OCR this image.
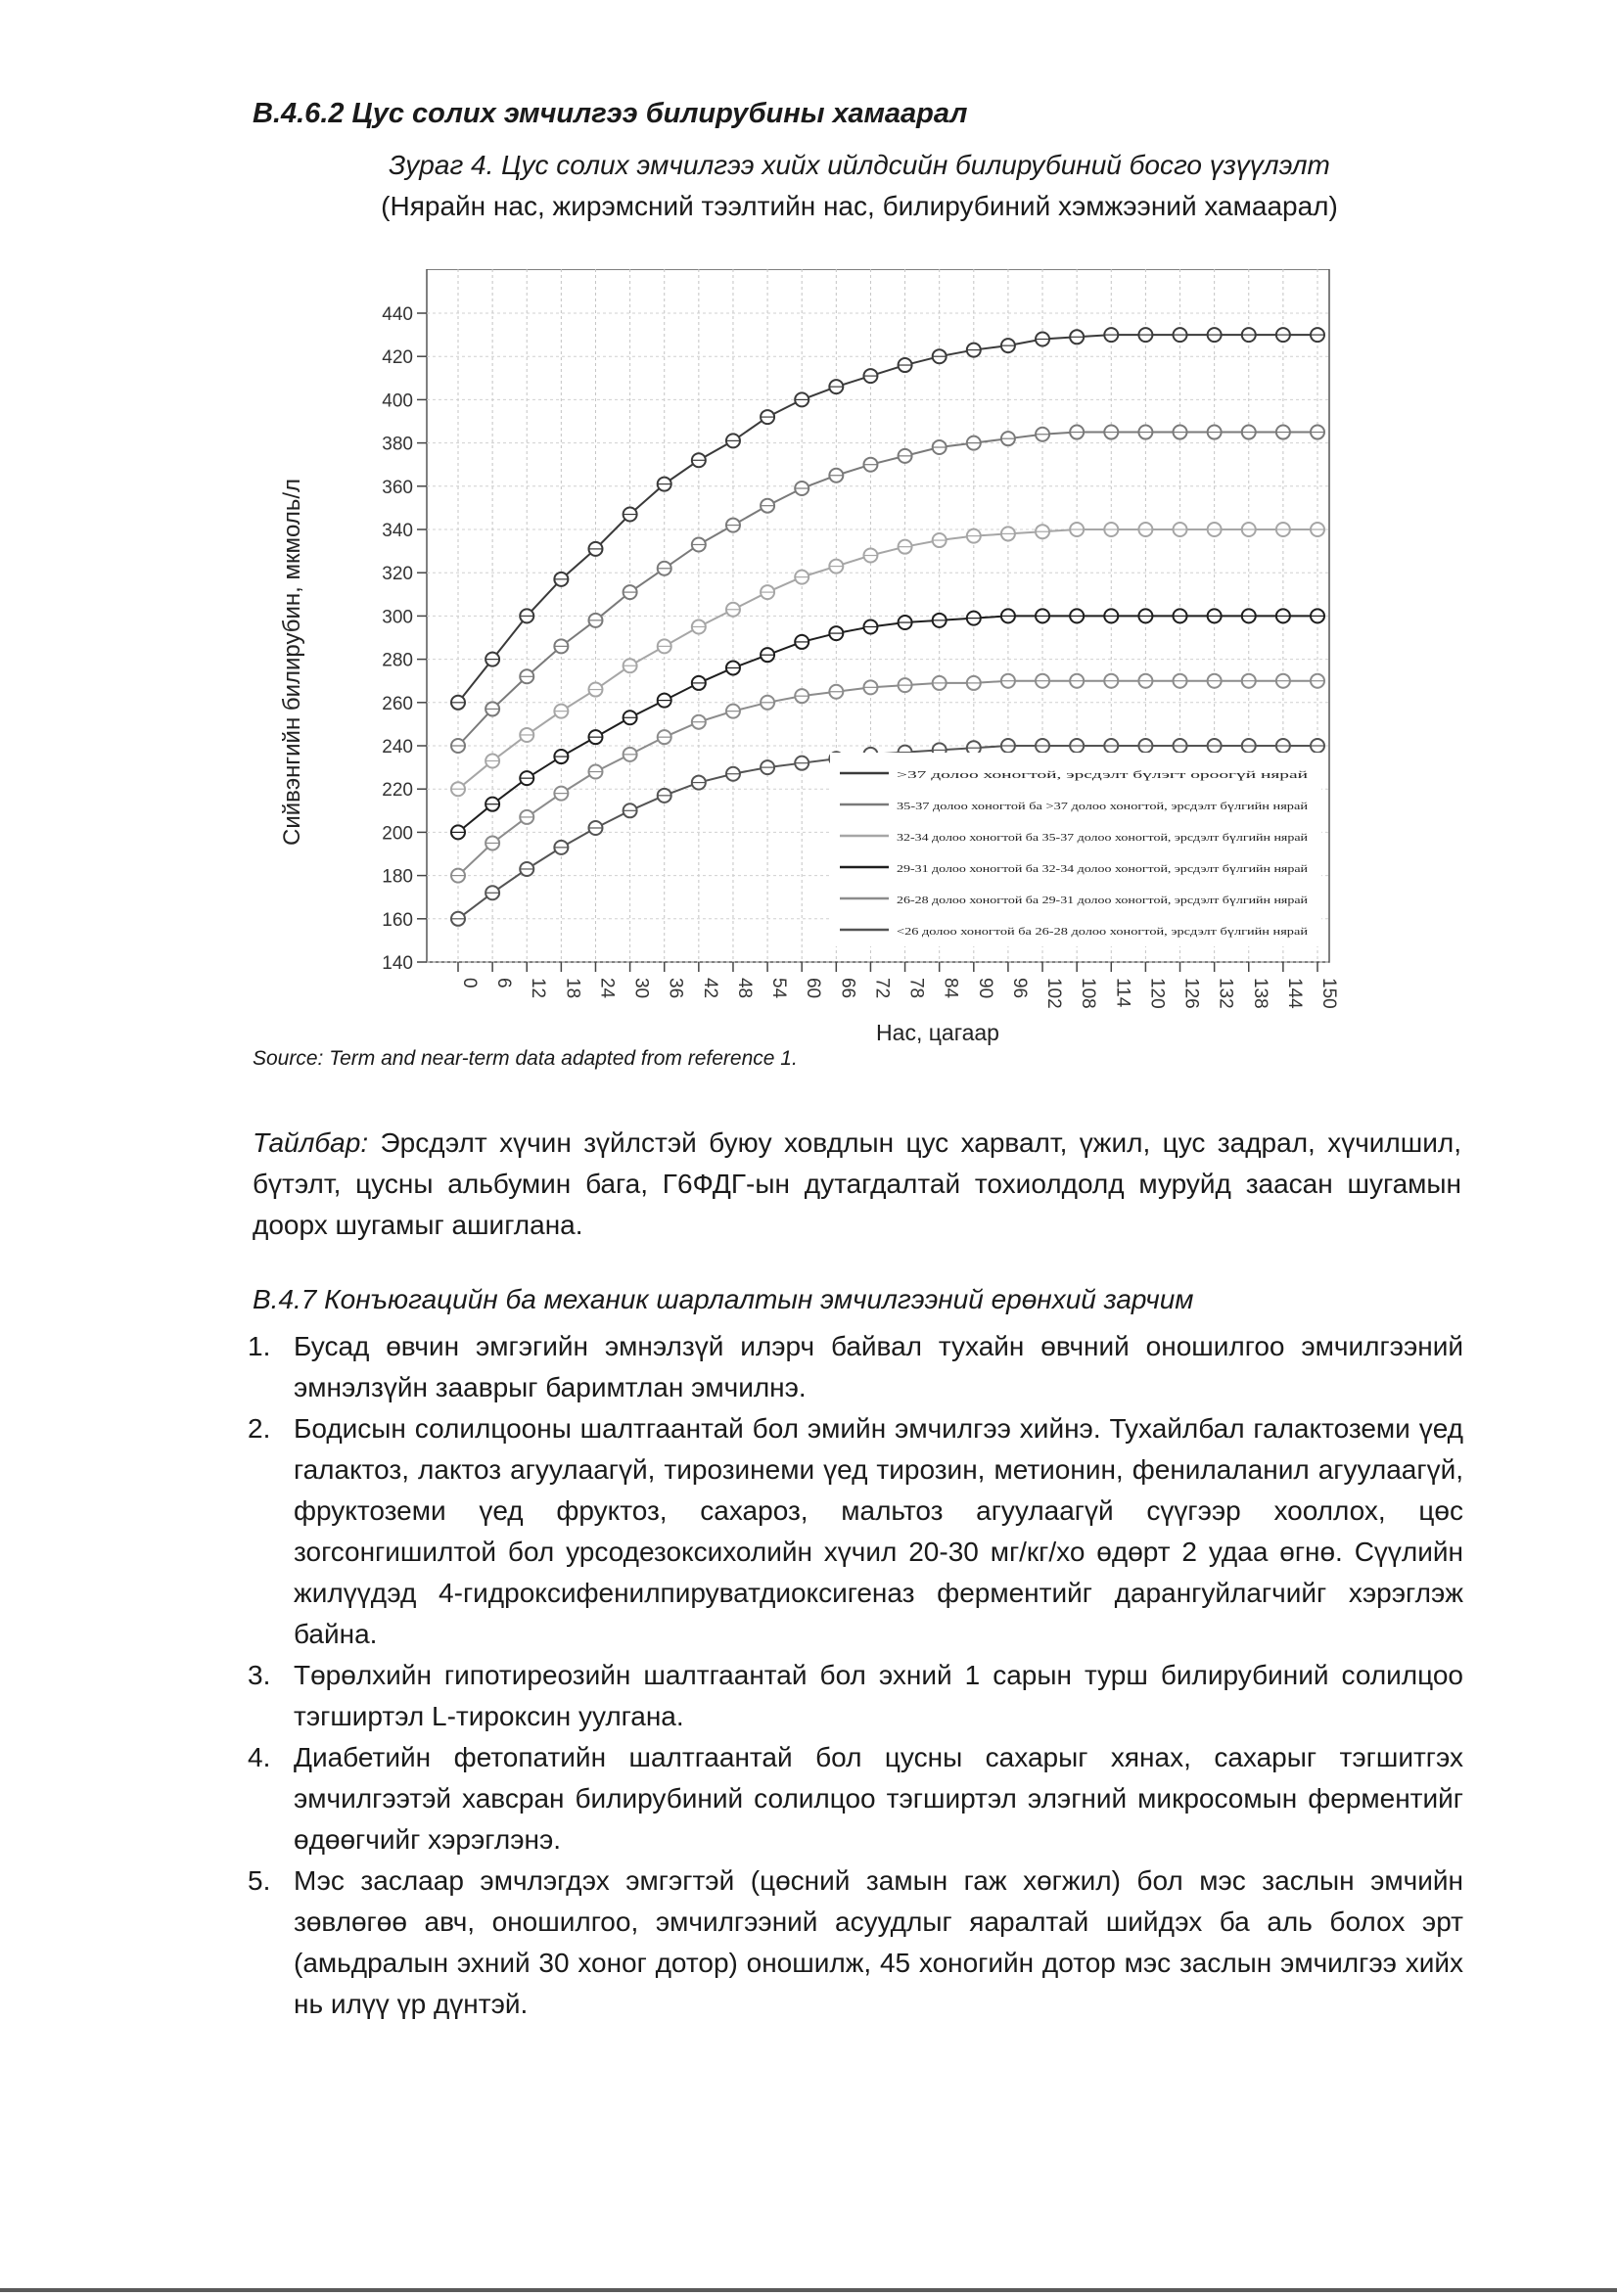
В.4.6.2 Цус солих эмчилгээ билирубины хамаарал
Зураг 4. Цус солих эмчилгээ хийх ийлдсийн билирубиний босго үзүүлэлт
(Нярайн нас, жирэмсний тээлтийн нас, билирубиний хэмжээний хамаарал)
140
160
180
200
220
240
260
280
300
320
340
360
380
400
420
440
0 6 12 18 24 30 36 42 48 54 60 66 72 78 84 90 96 102 108 114 120 126 132 138 144 150
Сийвэнгийн билирубин, мкмоль/л
Нас, цагаар
>37 долоо хоногтой, эрсдэлт бүлэгт ороогүй нярай
35-37 долоо хоногтой ба >37 долоо хоногтой, эрсдэлт бүлгийн нярай
32-34 долоо хоногтой ба 35-37 долоо хоногтой, эрсдэлт бүлгийн нярай
29-31 долоо хоногтой ба 32-34 долоо хоногтой, эрсдэлт бүлгийн нярай
26-28 долоо хоногтой ба 29-31 долоо хоногтой, эрсдэлт бүлгийн нярай
<26 долоо хоногтой ба 26-28 долоо хоногтой, эрсдэлт бүлгийн нярай
Source: Term and near-term data adapted from reference 1.
Тайлбар: Эрсдэлт хүчин зүйлстэй буюу ховдлын цус харвалт, үжил, цус задрал, хүчилшил, бүтэлт, цусны альбумин бага, Г6ФДГ-ын дутагдалтай тохиолдолд муруйд заасан шугамын доорх шугамыг ашиглана.
В.4.7 Конъюгацийн ба механик шарлалтын эмчилгээний ерөнхий зарчим
1. Бусад өвчин эмгэгийн эмнэлзүй илэрч байвал тухайн өвчний оношилгоо эмчилгээний эмнэлзүйн зааврыг баримтлан эмчилнэ.
2. Бодисын солилцооны шалтгаантай бол эмийн эмчилгээ хийнэ. Тухайлбал галактоземи үед галактоз, лактоз агуулаагүй, тирозинеми үед тирозин, метионин, фенилаланил агуулаагүй, фруктоземи үед фруктоз, сахароз, мальтоз агуулаагүй сүүгээр хооллох, цөс зогсонгишилтой бол урсодезоксихолийн хүчил 20-30 мг/кг/хо өдөрт 2 удаа өгнө. Сүүлийн жилүүдэд 4-гидроксифенилпируватдиоксигеназ ферментийг дарангуйлагчийг хэрэглэж байна.
3. Төрөлхийн гипотиреозийн шалтгаантай бол эхний 1 сарын турш билирубиний солилцоо тэгширтэл L-тироксин уулгана.
4. Диабетийн фетопатийн шалтгаантай бол цусны сахарыг хянах, сахарыг тэгшитгэх эмчилгээтэй хавсран билирубиний солилцоо тэгширтэл элэгний микросомын ферментийг өдөөгчийг хэрэглэнэ.
5. Мэс заслаар эмчлэгдэх эмгэгтэй (цөсний замын гаж хөгжил) бол мэс заслын эмчийн зөвлөгөө авч, оношилгоо, эмчилгээний асуудлыг яаралтай шийдэх ба аль болох эрт (амьдралын эхний 30 хоног дотор) оношилж, 45 хоногийн дотор мэс заслын эмчилгээ хийх нь илүү үр дүнтэй.
